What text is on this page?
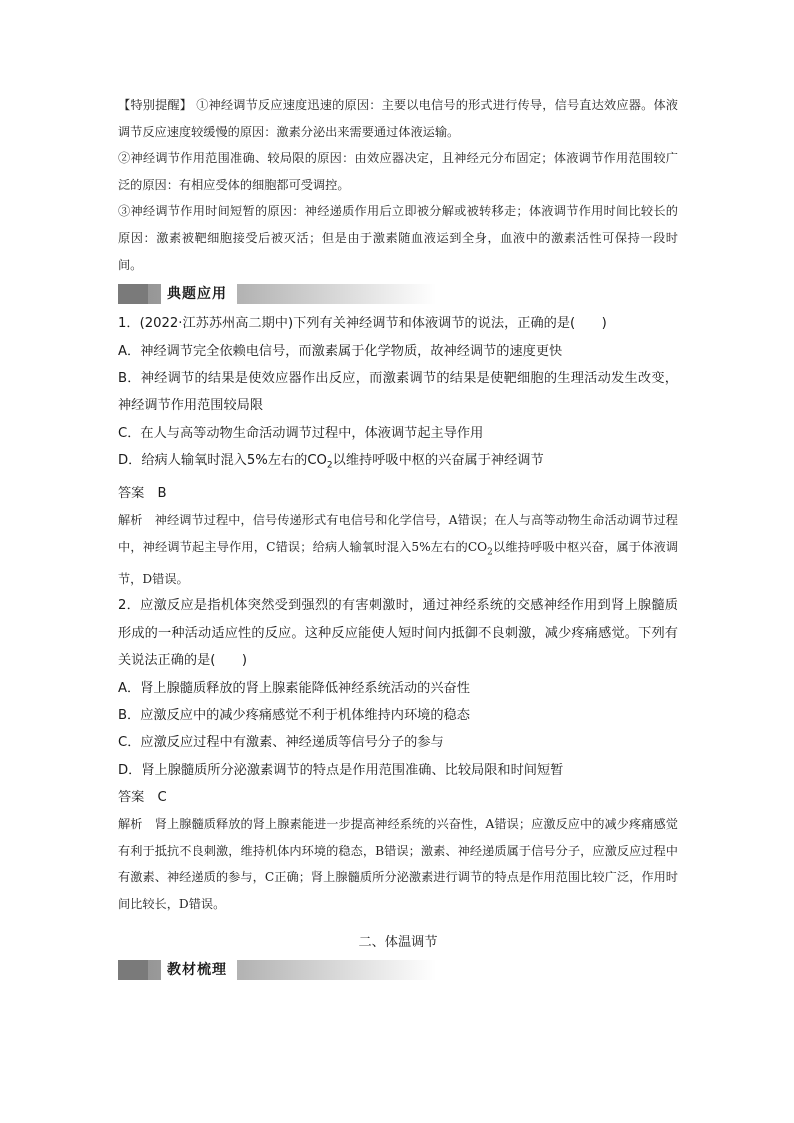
【特别提醒】 ①神经调节反应速度迅速的原因：主要以电信号的形式进行传导，信号直达效应器。体液调节反应速度较缓慢的原因：激素分泌出来需要通过体液运输。

②神经调节作用范围准确、较局限的原因：由效应器决定，且神经元分布固定；体液调节作用范围较广泛的原因：有相应受体的细胞都可受调控。

③神经调节作用时间短暂的原因：神经递质作用后立即被分解或被转移走；体液调节作用时间比较长的原因：激素被靶细胞接受后被灭活；但是由于激素随血液运到全身，血液中的激素活性可保持一段时间。

典题应用

1．(2022·江苏苏州高二期中)下列有关神经调节和体液调节的说法，正确的是(　　)

A．神经调节完全依赖电信号，而激素属于化学物质，故神经调节的速度更快

B．神经调节的结果是使效应器作出反应，而激素调节的结果是使靶细胞的生理活动发生改变，神经调节作用范围较局限

C．在人与高等动物生命活动调节过程中，体液调节起主导作用

D．给病人输氧时混入5%左右的$CO_2$以维持呼吸中枢的兴奋属于神经调节

答案　B

解析　神经调节过程中，信号传递形式有电信号和化学信号，A错误；在人与高等动物生命活动调节过程中，神经调节起主导作用，C错误；给病人输氧时混入5%左右的$CO_2$以维持呼吸中枢兴奋，属于体液调节，D错误。

2．应激反应是指机体突然受到强烈的有害刺激时，通过神经系统的交感神经作用到肾上腺髓质形成的一种活动适应性的反应。这种反应能使人短时间内抵御不良刺激，减少疼痛感觉。下列有关说法正确的是(　　)

A．肾上腺髓质释放的肾上腺素能降低神经系统活动的兴奋性

B．应激反应中的减少疼痛感觉不利于机体维持内环境的稳态

C．应激反应过程中有激素、神经递质等信号分子的参与

D．肾上腺髓质所分泌激素调节的特点是作用范围准确、比较局限和时间短暂

答案　C

解析　肾上腺髓质释放的肾上腺素能进一步提高神经系统的兴奋性，A错误；应激反应中的减少疼痛感觉有利于抵抗不良刺激，维持机体内环境的稳态，B错误；激素、神经递质属于信号分子，应激反应过程中有激素、神经递质的参与，C正确；肾上腺髓质所分泌激素进行调节的特点是作用范围比较广泛，作用时间比较长，D错误。

二、体温调节

教材梳理
